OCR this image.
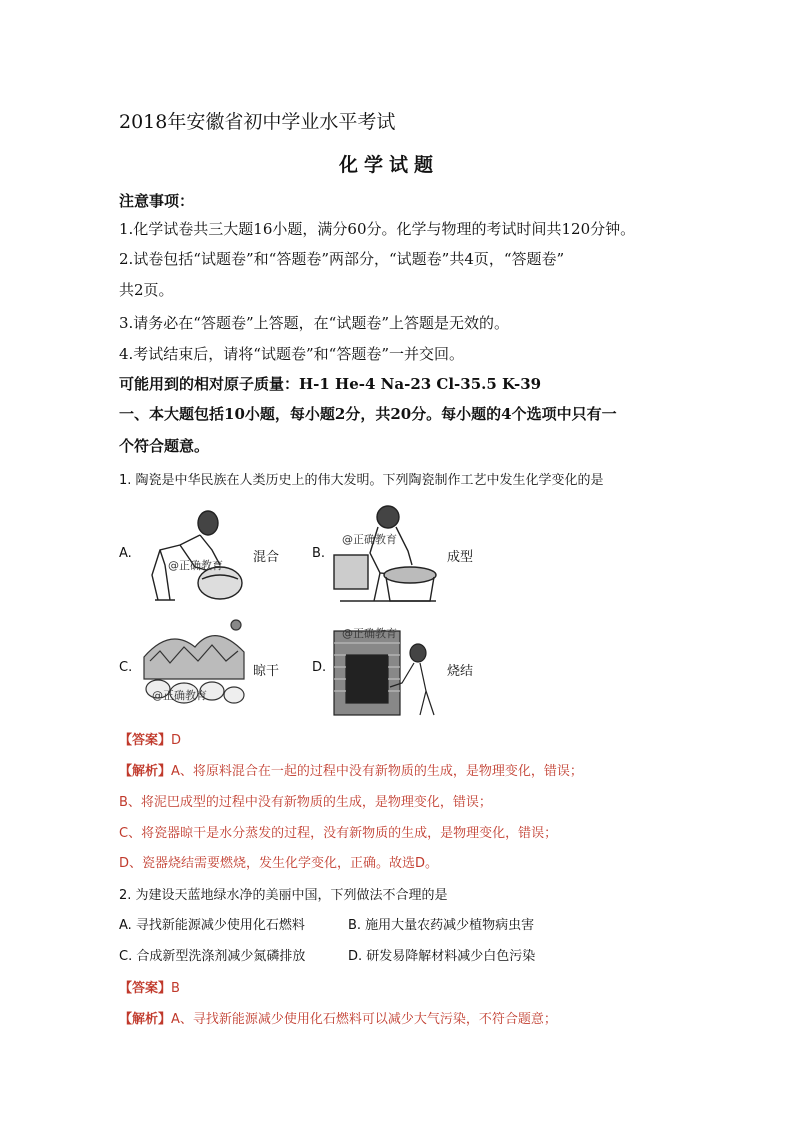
2018年安徽省初中学业水平考试
化学试题
注意事项：
1.化学试卷共三大题16小题，满分60分。化学与物理的考试时间共120分钟。
2.试卷包括“试题卷”和“答题卷”两部分，“试题卷”共4页，“答题卷”
共2页。
3.请务必在“答题卷”上答题，在“试题卷”上答题是无效的。
4.考试结束后，请将“试题卷”和“答题卷”一并交回。
可能用到的相对原子质量：H-1 He-4 Na-23 Cl-35.5 K-39
一、本大题包括10小题，每小题2分，共20分。每小题的4个选项中只有一
个符合题意。
1. 陶瓷是中华民族在人类历史上的伟大发明。下列陶瓷制作工艺中发生化学变化的是
A.
@正确教育
混合	B.
@正确教育
成型
C.
@正确教育
晾干	D.
@正确教育
烧结
【答案】D
【解析】A、将原料混合在一起的过程中没有新物质的生成，是物理变化，错误；
B、将泥巴成型的过程中没有新物质的生成，是物理变化，错误；
C、将瓷器晾干是水分蒸发的过程，没有新物质的生成，是物理变化，错误；
D、瓷器烧结需要燃烧，发生化学变化，正确。故选D。
2. 为建设天蓝地绿水净的美丽中国，下列做法不合理的是
A. 寻找新能源减少使用化石燃料	B. 施用大量农药减少植物病虫害
C. 合成新型洗涤剂减少氮磷排放	D. 研发易降解材料减少白色污染
【答案】B
【解析】A、寻找新能源减少使用化石燃料可以减少大气污染，不符合题意；
